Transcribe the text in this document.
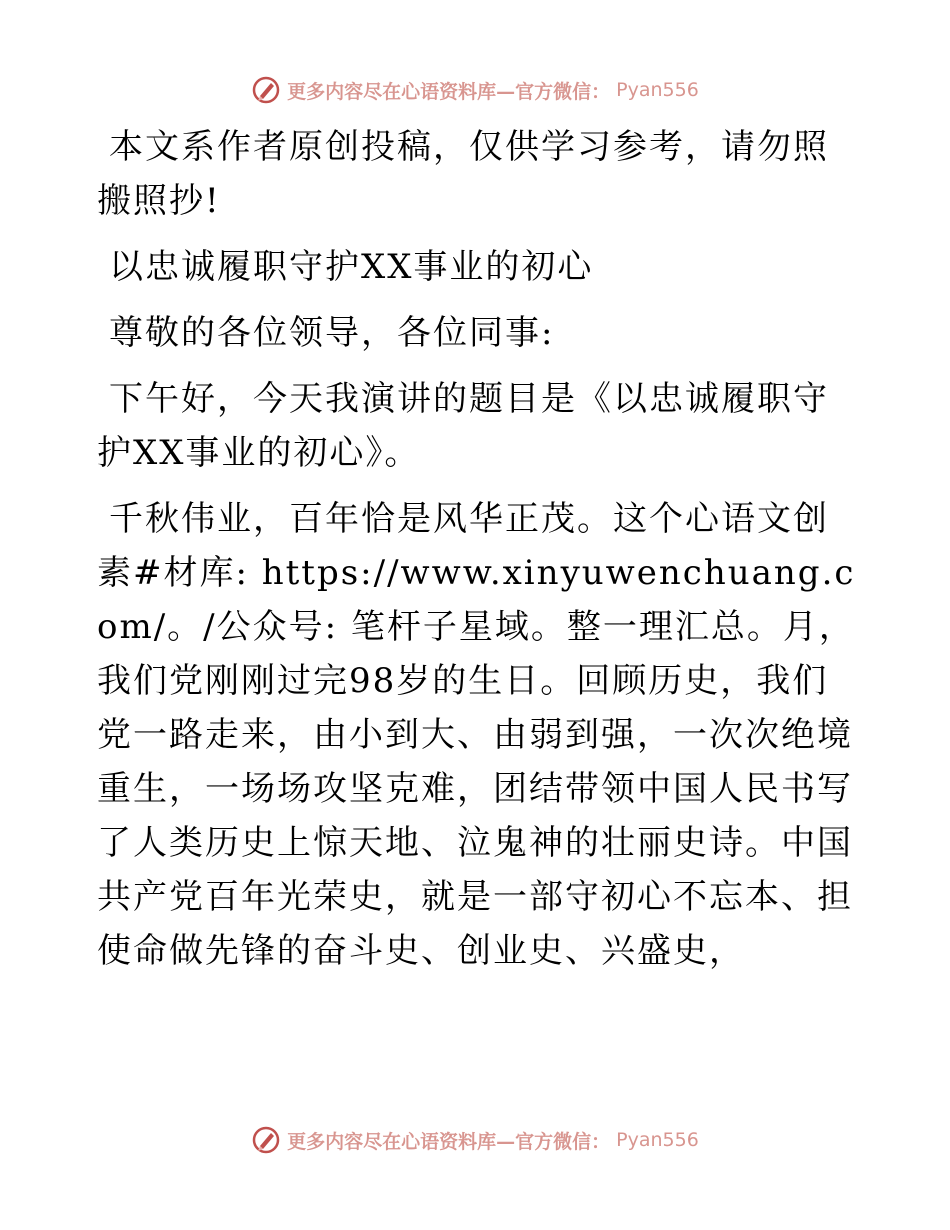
更多内容尽在心语资料库—官方微信： Pyan556

本文系作者原创投稿，仅供学习参考，请勿照搬照抄!

以忠诚履职守护XX事业的初心

尊敬的各位领导，各位同事:

下午好，今天我演讲的题目是《以忠诚履职守护XX事业的初心》。

千秋伟业，百年恰是风华正茂。这个心语文创素#材库: https://www.xinyuwenchuang.com/。/公众号: 笔杆子星域。整一理汇总。月，我们党刚刚过完98岁的生日。回顾历史，我们党一路走来，由小到大、由弱到强，一次次绝境重生，一场场攻坚克难，团结带领中国人民书写了人类历史上惊天地、泣鬼神的壮丽史诗。中国共产党百年光荣史，就是一部守初心不忘本、担使命做先锋的奋斗史、创业史、兴盛史，

更多内容尽在心语资料库—官方微信： Pyan556
